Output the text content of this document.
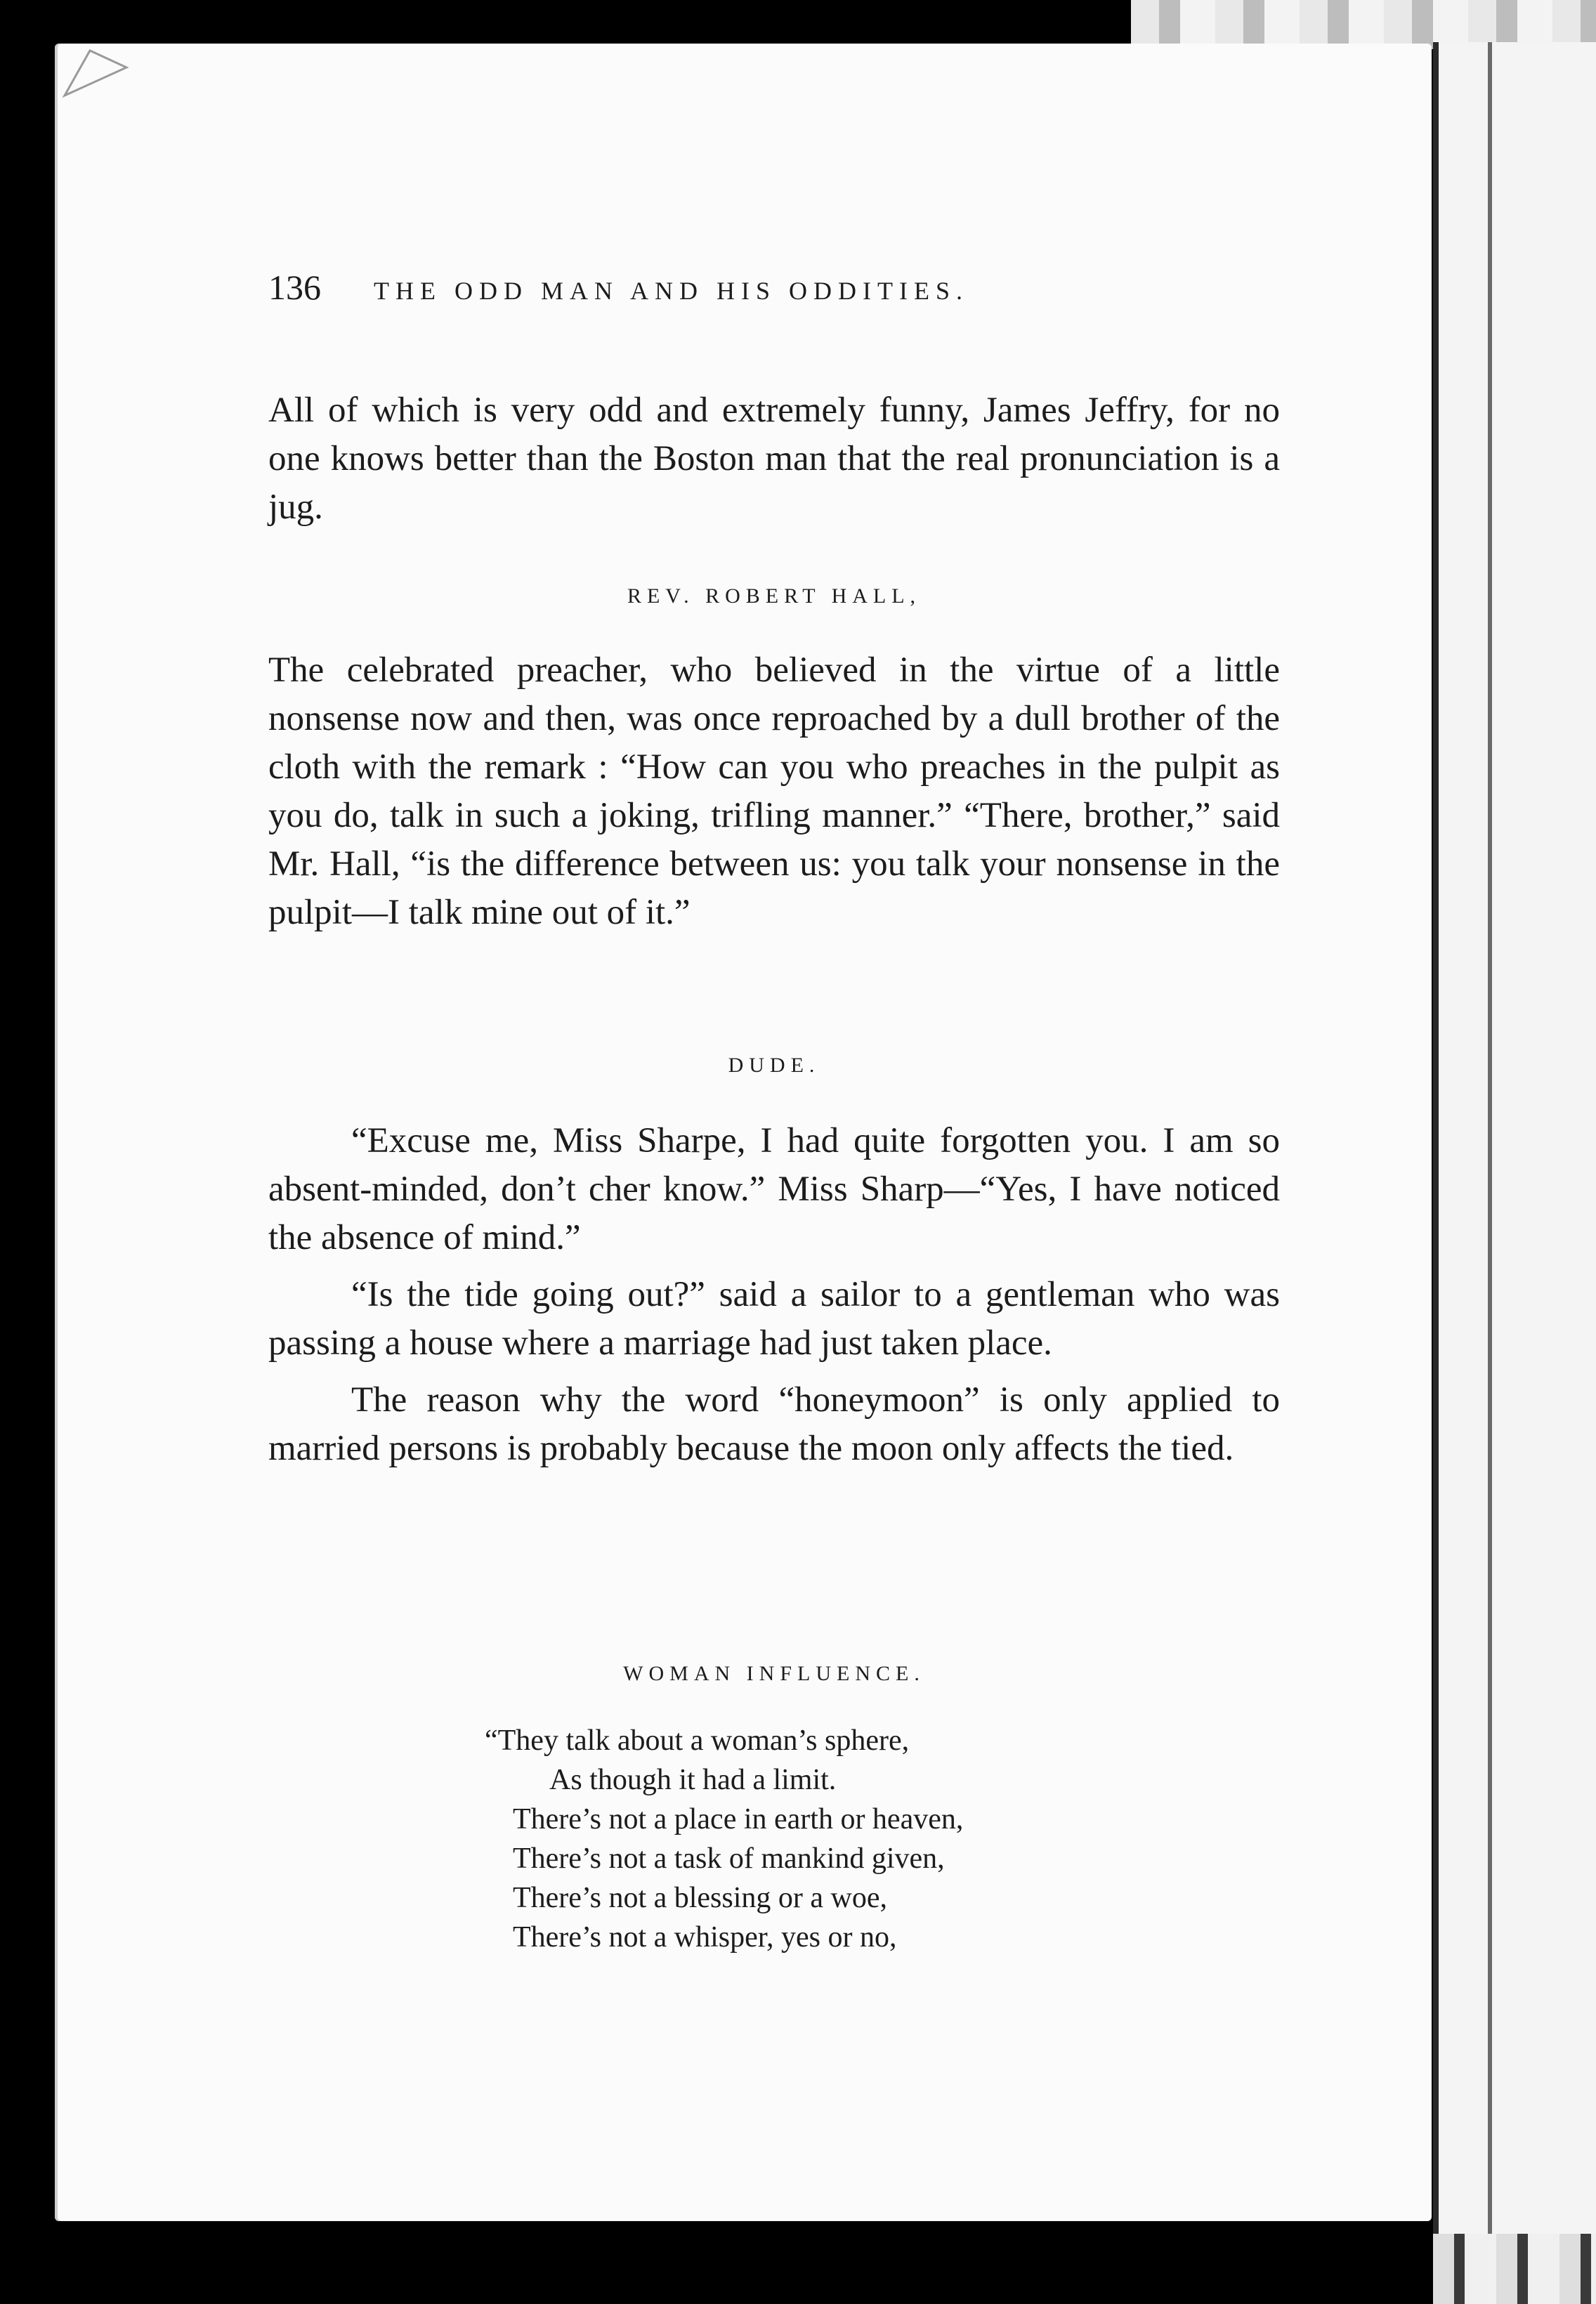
136	THE ODD MAN AND HIS ODDITIES.

All of which is very odd and extremely funny, James Jeffry, for no one knows better than the Boston man that the real pronunciation is a jug.

REV. ROBERT HALL,

The celebrated preacher, who believed in the virtue of a little nonsense now and then, was once reproached by a dull brother of the cloth with the remark : “How can you who preaches in the pulpit as you do, talk in such a joking, trifling manner.” “There, brother,” said Mr. Hall, “is the difference between us: you talk your nonsense in the pulpit—I talk mine out of it.”

DUDE.

“Excuse me, Miss Sharpe, I had quite forgotten you. I am so absent-minded, don’t cher know.” Miss Sharp—“Yes, I have noticed the absence of mind.”

“Is the tide going out?” said a sailor to a gentleman who was passing a house where a marriage had just taken place.

The reason why the word “honeymoon” is only applied to married persons is probably because the moon only affects the tied.

WOMAN INFLUENCE.

“They talk about a woman’s sphere,
As though it had a limit.
There’s not a place in earth or heaven,
There’s not a task of mankind given,
There’s not a blessing or a woe,
There’s not a whisper, yes or no,
